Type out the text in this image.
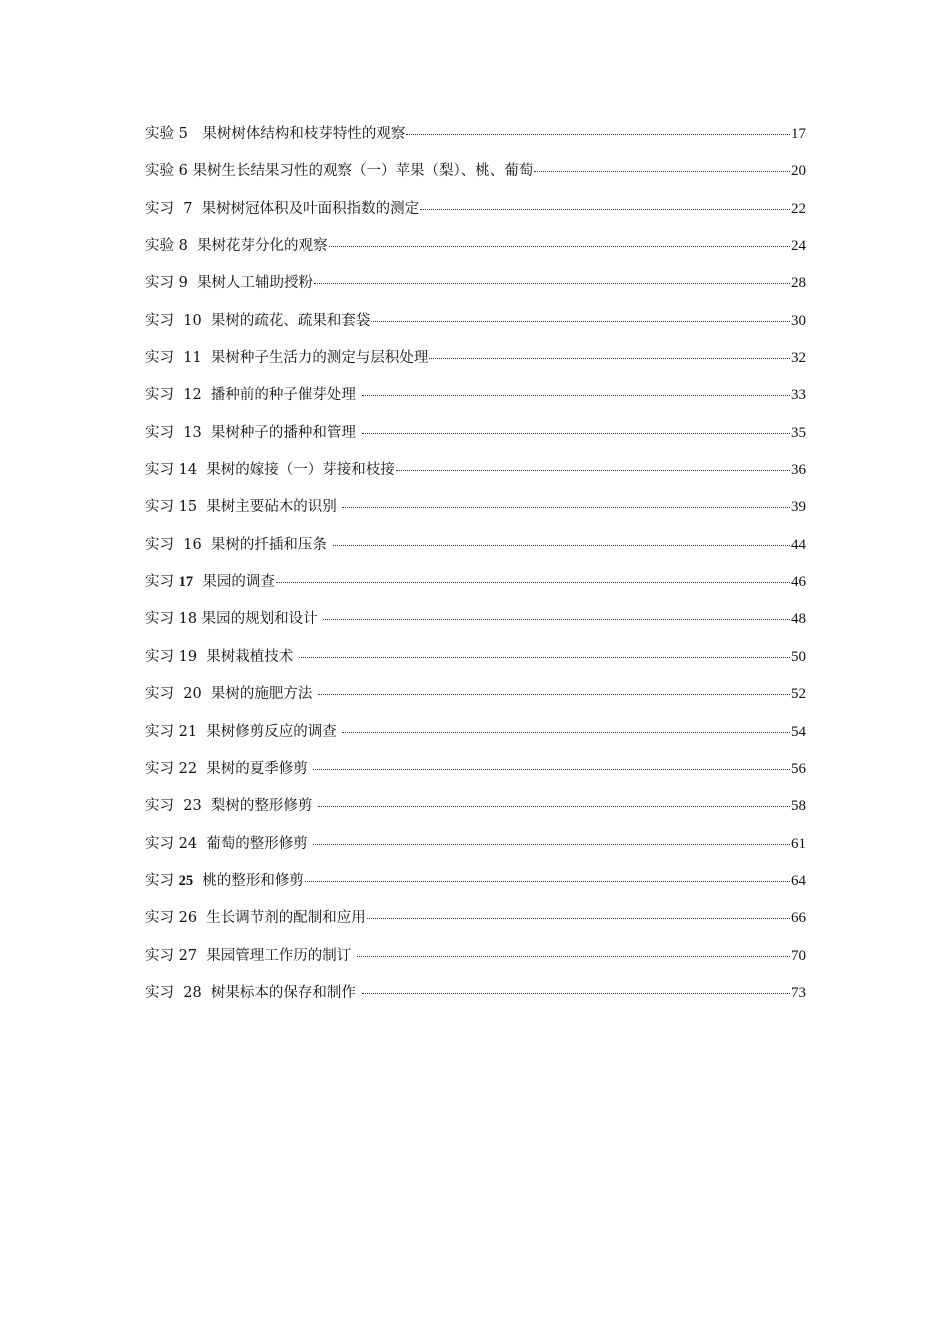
实验 5　果树树体结构和枝芽特性的观察	17
实验 6 果树生长结果习性的观察（一）苹果（梨）、桃、葡萄	20
实习  7  果树树冠体积及叶面积指数的测定	22
实验 8  果树花芽分化的观察	24
实习 9  果树人工辅助授粉	28
实习  10  果树的疏花、疏果和套袋	30
实习  11  果树种子生活力的测定与层积处理	32
实习  12  播种前的种子催芽处理	33
实习  13  果树种子的播种和管理	35
实习 14  果树的嫁接（一）芽接和枝接	36
实习 15  果树主要砧木的识别	39
实习  16  果树的扦插和压条	44
实习 17  果园的调查	46
实习 18 果园的规划和设计	48
实习 19  果树栽植技术	50
实习  20  果树的施肥方法	52
实习 21  果树修剪反应的调查	54
实习 22  果树的夏季修剪	56
实习  23  梨树的整形修剪	58
实习 24  葡萄的整形修剪	61
实习 25  桃的整形和修剪	64
实习 26  生长调节剂的配制和应用	66
实习 27  果园管理工作历的制订	70
实习  28  树果标本的保存和制作	73
